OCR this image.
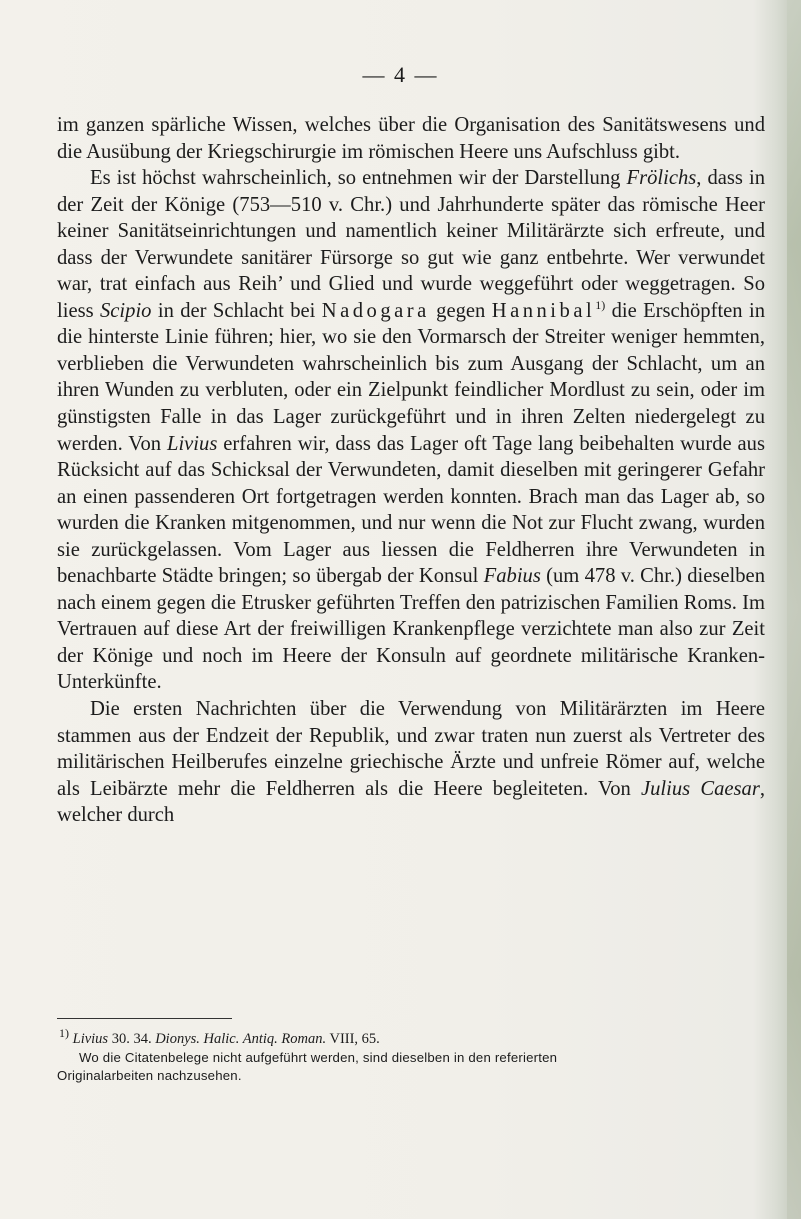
— 4 —

im ganzen spärliche Wissen, welches über die Organisation des Sanitätswesens und die Ausübung der Kriegschirurgie im römischen Heere uns Aufschluss gibt.

Es ist höchst wahrscheinlich, so entnehmen wir der Darstellung Frölichs, dass in der Zeit der Könige (753—510 v. Chr.) und Jahrhunderte später das römische Heer keiner Sanitätseinrichtungen und namentlich keiner Militärärzte sich erfreute, und dass der Verwundete sanitärer Fürsorge so gut wie ganz entbehrte. Wer verwundet war, trat einfach aus Reih’ und Glied und wurde weggeführt oder weggetragen. So liess Scipio in der Schlacht bei Nadogara gegen Hannibal$^{1)}$ die Erschöpften in die hinterste Linie führen; hier, wo sie den Vormarsch der Streiter weniger hemmten, verblieben die Verwundeten wahrscheinlich bis zum Ausgang der Schlacht, um an ihren Wunden zu verbluten, oder ein Zielpunkt feindlicher Mordlust zu sein, oder im günstigsten Falle in das Lager zurückgeführt und in ihren Zelten niedergelegt zu werden. Von Livius erfahren wir, dass das Lager oft Tage lang beibehalten wurde aus Rücksicht auf das Schicksal der Verwundeten, damit dieselben mit geringerer Gefahr an einen passenderen Ort fortgetragen werden konnten. Brach man das Lager ab, so wurden die Kranken mitgenommen, und nur wenn die Not zur Flucht zwang, wurden sie zurückgelassen. Vom Lager aus liessen die Feldherren ihre Verwundeten in benachbarte Städte bringen; so übergab der Konsul Fabius (um 478 v. Chr.) dieselben nach einem gegen die Etrusker geführten Treffen den patrizischen Familien Roms. Im Vertrauen auf diese Art der freiwilligen Krankenpflege verzichtete man also zur Zeit der Könige und noch im Heere der Konsuln auf geordnete militärische Kranken-Unterkünfte.

Die ersten Nachrichten über die Verwendung von Militärärzten im Heere stammen aus der Endzeit der Republik, und zwar traten nun zuerst als Vertreter des militärischen Heilberufes einzelne griechische Ärzte und unfreie Römer auf, welche als Leibärzte mehr die Feldherren als die Heere begleiteten. Von Julius Caesar, welcher durch

$^{1)}$ Livius 30. 34. Dionys. Halic. Antiq. Roman. VIII, 65.

Wo die Citatenbelege nicht aufgeführt werden, sind dieselben in den referierten

Originalarbeiten nachzusehen.
